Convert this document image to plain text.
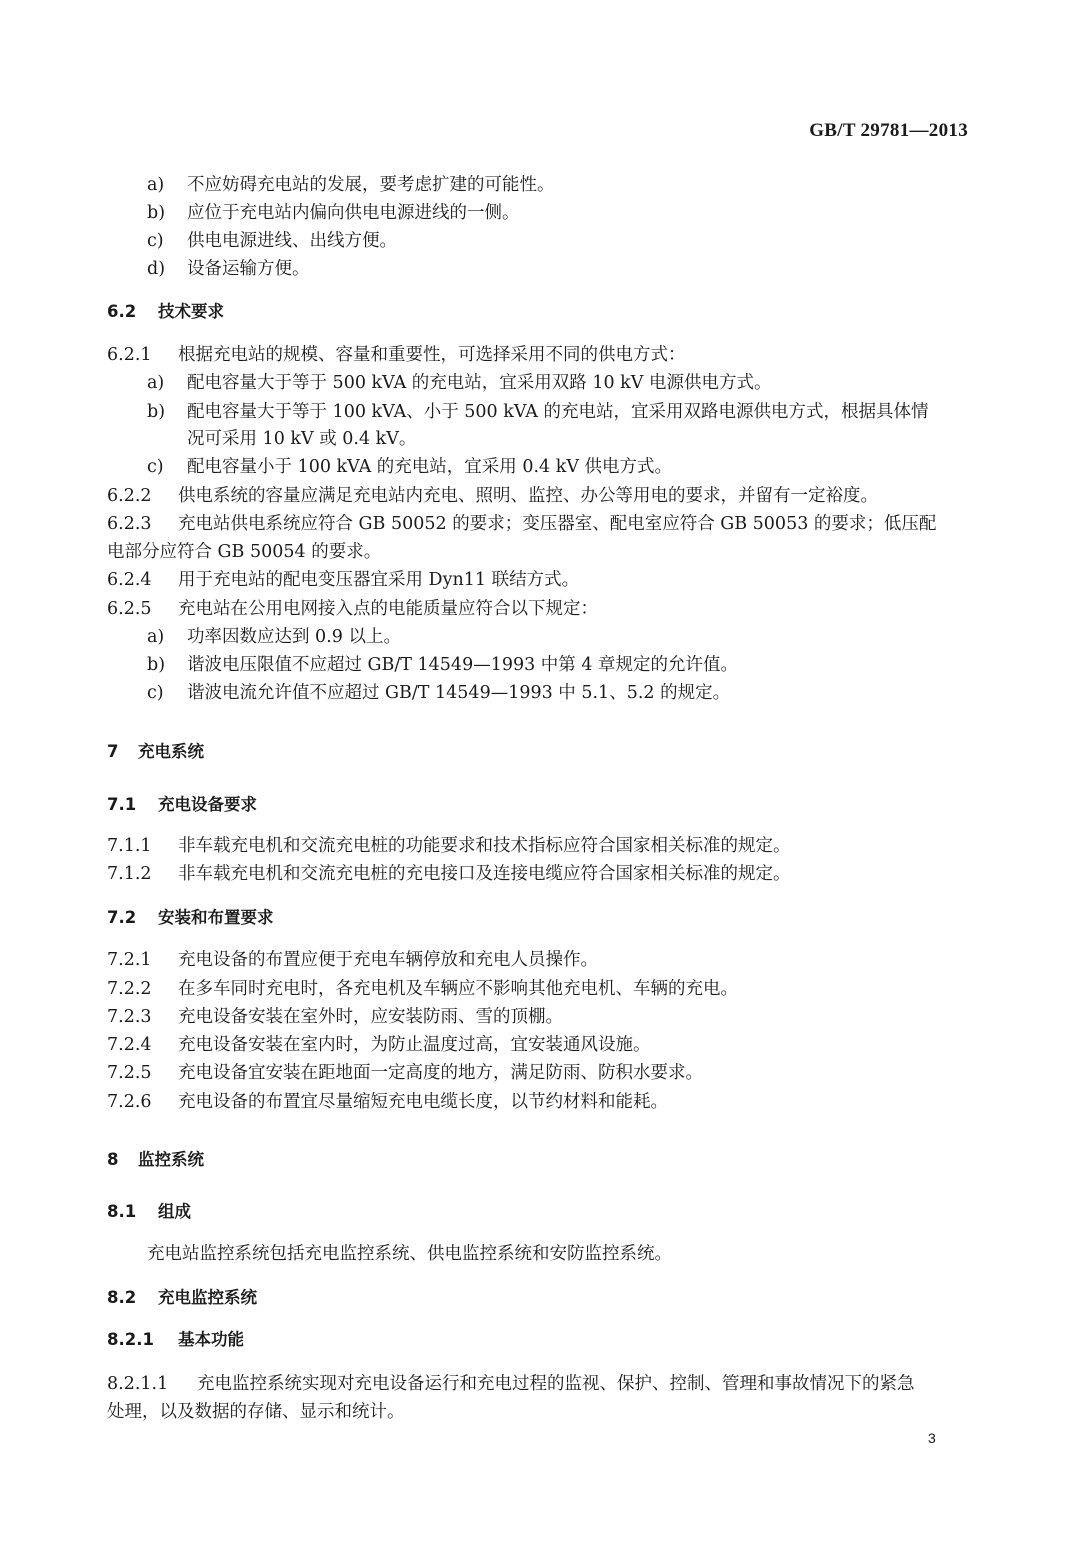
GB/T 29781—2013
a) 不应妨碍充电站的发展，要考虑扩建的可能性。
b) 应位于充电站内偏向供电电源进线的一侧。
c) 供电电源进线、出线方便。
d) 设备运输方便。
6.2 技术要求
6.2.1 根据充电站的规模、容量和重要性，可选择采用不同的供电方式：
a) 配电容量大于等于 500 kVA 的充电站，宜采用双路 10 kV 电源供电方式。
b) 配电容量大于等于 100 kVA、小于 500 kVA 的充电站，宜采用双路电源供电方式，根据具体情
况可采用 10 kV 或 0.4 kV。
c) 配电容量小于 100 kVA 的充电站，宜采用 0.4 kV 供电方式。
6.2.2 供电系统的容量应满足充电站内充电、照明、监控、办公等用电的要求，并留有一定裕度。
6.2.3 充电站供电系统应符合 GB 50052 的要求；变压器室、配电室应符合 GB 50053 的要求；低压配
电部分应符合 GB 50054 的要求。
6.2.4 用于充电站的配电变压器宜采用 Dyn11 联结方式。
6.2.5 充电站在公用电网接入点的电能质量应符合以下规定：
a) 功率因数应达到 0.9 以上。
b) 谐波电压限值不应超过 GB/T 14549—1993 中第 4 章规定的允许值。
c) 谐波电流允许值不应超过 GB/T 14549—1993 中 5.1、5.2 的规定。
7 充电系统
7.1 充电设备要求
7.1.1 非车载充电机和交流充电桩的功能要求和技术指标应符合国家相关标准的规定。
7.1.2 非车载充电机和交流充电桩的充电接口及连接电缆应符合国家相关标准的规定。
7.2 安装和布置要求
7.2.1 充电设备的布置应便于充电车辆停放和充电人员操作。
7.2.2 在多车同时充电时，各充电机及车辆应不影响其他充电机、车辆的充电。
7.2.3 充电设备安装在室外时，应安装防雨、雪的顶棚。
7.2.4 充电设备安装在室内时，为防止温度过高，宜安装通风设施。
7.2.5 充电设备宜安装在距地面一定高度的地方，满足防雨、防积水要求。
7.2.6 充电设备的布置宜尽量缩短充电电缆长度，以节约材料和能耗。
8 监控系统
8.1 组成
充电站监控系统包括充电监控系统、供电监控系统和安防监控系统。
8.2 充电监控系统
8.2.1 基本功能
8.2.1.1 充电监控系统实现对充电设备运行和充电过程的监视、保护、控制、管理和事故情况下的紧急
处理，以及数据的存储、显示和统计。
3
